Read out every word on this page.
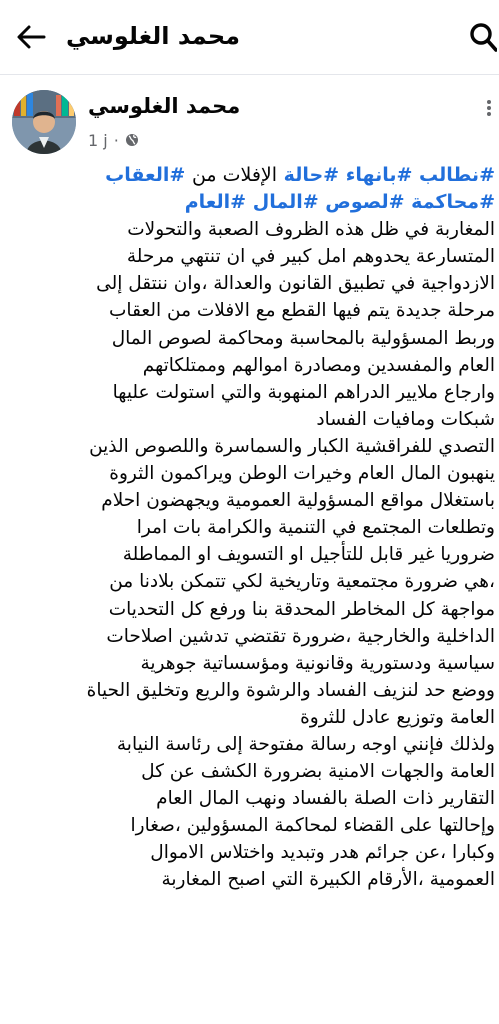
محمد الغلوسي
محمد الغلوسي
1 j ·
#نطالب #بانهاء #حالة الإفلات من #العقاب
#محاكمة #لصوص #المال #العام
المغاربة في ظل هذه الظروف الصعبة والتحولات
المتسارعة يحدوهم امل كبير في ان تنتهي مرحلة
الازدواجية في تطبيق القانون والعدالة ،وان ننتقل إلى
مرحلة جديدة يتم فيها القطع مع الافلات من العقاب
وربط المسؤولية بالمحاسبة ومحاكمة لصوص المال
العام والمفسدين ومصادرة اموالهم وممتلكاتهم
وارجاع ملايير الدراهم المنهوبة والتي استولت عليها
شبكات ومافيات الفساد
التصدي للفراقشية الكبار والسماسرة واللصوص الذين
ينهبون المال العام وخيرات الوطن ويراكمون الثروة
باستغلال مواقع المسؤولية العمومية ويجهضون احلام
وتطلعات المجتمع في التنمية والكرامة بات امرا
ضروريا غير قابل للتأجيل او التسويف او المماطلة
،هي ضرورة مجتمعية وتاريخية لكي تتمكن بلادنا من
مواجهة كل المخاطر المحدقة بنا ورفع كل التحديات
الداخلية والخارجية ،ضرورة تقتضي تدشين اصلاحات
سياسية ودستورية وقانونية ومؤسساتية جوهرية
ووضع حد لنزيف الفساد والرشوة والريع وتخليق الحياة
العامة وتوزيع عادل للثروة
ولذلك فإنني اوجه رسالة مفتوحة إلى رئاسة النيابة
العامة والجهات الامنية بضرورة الكشف عن كل
التقارير ذات الصلة بالفساد ونهب المال العام
وإحالتها على القضاء لمحاكمة المسؤولين ،صغارا
وكبارا ،عن جرائم هدر وتبديد واختلاس الاموال
العمومية ،الأرقام الكبيرة التي اصبح المغاربة
